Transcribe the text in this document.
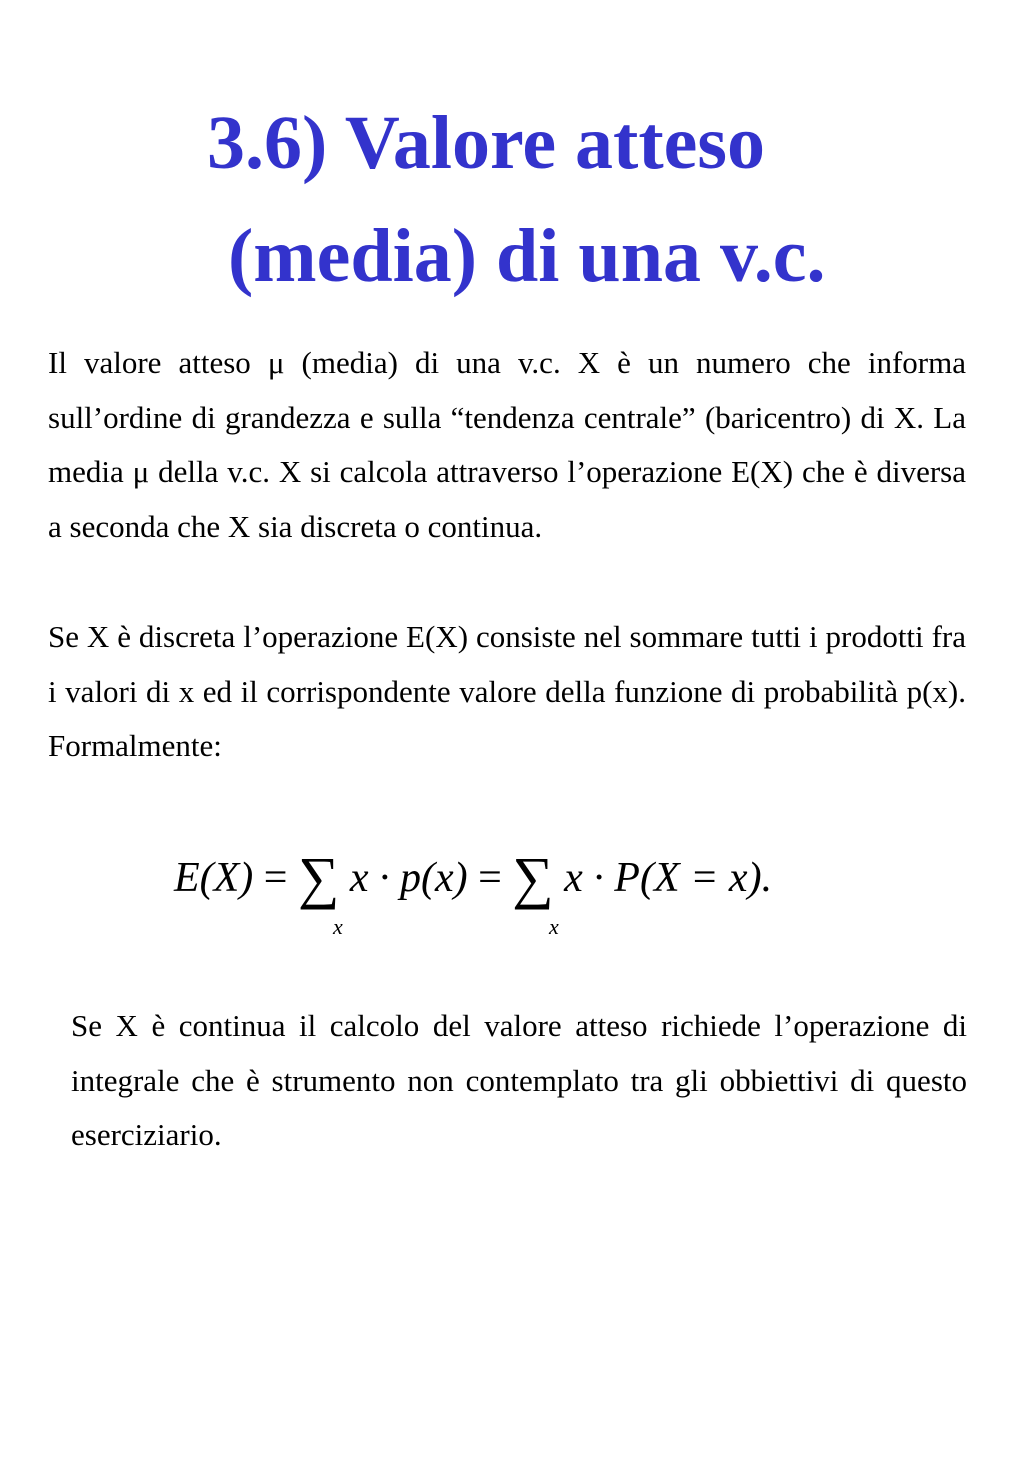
3.6) Valore atteso
(media) di una v.c.

Il valore atteso μ (media) di una v.c. X è un numero che informa sull’ordine di grandezza e sulla “tendenza centrale” (baricentro) di X. La media μ della v.c. X si calcola attraverso l’operazione E(X) che è diversa a seconda che X sia discreta o continua.

Se X è discreta l’operazione E(X) consiste nel sommare tutti i prodotti fra i valori di x ed il corrispondente valore della funzione di probabilità p(x). Formalmente:

E(X) = ∑ x · p(x) = ∑ x · P(X = x).
x	x

Se X è continua il calcolo del valore atteso richiede l’operazione di integrale che è strumento non contemplato tra gli obbiettivi di questo eserciziario.
